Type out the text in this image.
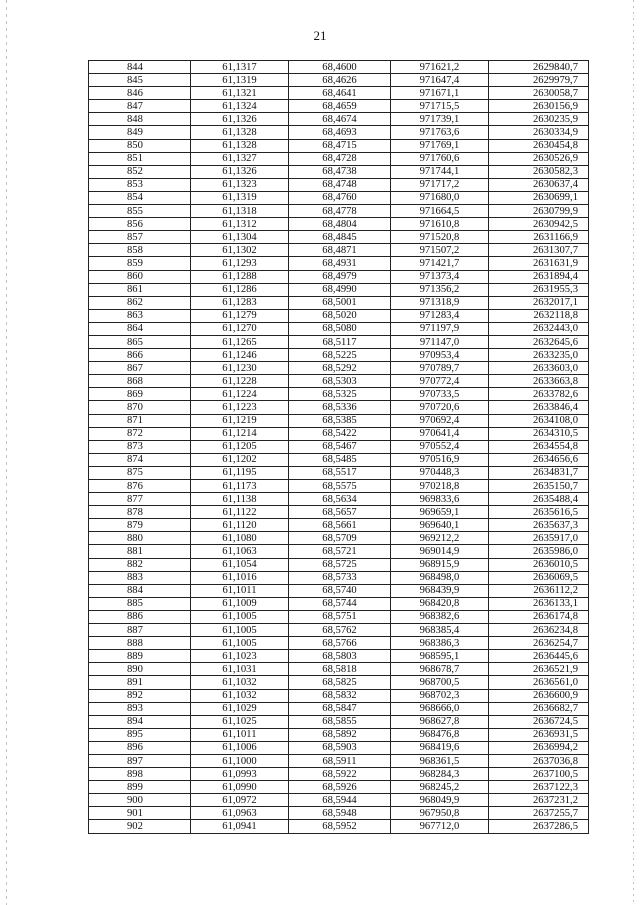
21
844	61,1317	68,4600	971621,2	2629840,7
845	61,1319	68,4626	971647,4	2629979,7
846	61,1321	68,4641	971671,1	2630058,7
847	61,1324	68,4659	971715,5	2630156,9
848	61,1326	68,4674	971739,1	2630235,9
849	61,1328	68,4693	971763,6	2630334,9
850	61,1328	68,4715	971769,1	2630454,8
851	61,1327	68,4728	971760,6	2630526,9
852	61,1326	68,4738	971744,1	2630582,3
853	61,1323	68,4748	971717,2	2630637,4
854	61,1319	68,4760	971680,0	2630699,1
855	61,1318	68,4778	971664,5	2630799,9
856	61,1312	68,4804	971610,8	2630942,5
857	61,1304	68,4845	971520,8	2631166,9
858	61,1302	68,4871	971507,2	2631307,7
859	61,1293	68,4931	971421,7	2631631,9
860	61,1288	68,4979	971373,4	2631894,4
861	61,1286	68,4990	971356,2	2631955,3
862	61,1283	68,5001	971318,9	2632017,1
863	61,1279	68,5020	971283,4	2632118,8
864	61,1270	68,5080	971197,9	2632443,0
865	61,1265	68,5117	971147,0	2632645,6
866	61,1246	68,5225	970953,4	2633235,0
867	61,1230	68,5292	970789,7	2633603,0
868	61,1228	68,5303	970772,4	2633663,8
869	61,1224	68,5325	970733,5	2633782,6
870	61,1223	68,5336	970720,6	2633846,4
871	61,1219	68,5385	970692,4	2634108,0
872	61,1214	68,5422	970641,4	2634310,5
873	61,1205	68,5467	970552,4	2634554,8
874	61,1202	68,5485	970516,9	2634656,6
875	61,1195	68,5517	970448,3	2634831,7
876	61,1173	68,5575	970218,8	2635150,7
877	61,1138	68,5634	969833,6	2635488,4
878	61,1122	68,5657	969659,1	2635616,5
879	61,1120	68,5661	969640,1	2635637,3
880	61,1080	68,5709	969212,2	2635917,0
881	61,1063	68,5721	969014,9	2635986,0
882	61,1054	68,5725	968915,9	2636010,5
883	61,1016	68,5733	968498,0	2636069,5
884	61,1011	68,5740	968439,9	2636112,2
885	61,1009	68,5744	968420,8	2636133,1
886	61,1005	68,5751	968382,6	2636174,8
887	61,1005	68,5762	968385,4	2636234,8
888	61,1005	68,5766	968386,3	2636254,7
889	61,1023	68,5803	968595,1	2636445,6
890	61,1031	68,5818	968678,7	2636521,9
891	61,1032	68,5825	968700,5	2636561,0
892	61,1032	68,5832	968702,3	2636600,9
893	61,1029	68,5847	968666,0	2636682,7
894	61,1025	68,5855	968627,8	2636724,5
895	61,1011	68,5892	968476,8	2636931,5
896	61,1006	68,5903	968419,6	2636994,2
897	61,1000	68,5911	968361,5	2637036,8
898	61,0993	68,5922	968284,3	2637100,5
899	61,0990	68,5926	968245,2	2637122,3
900	61,0972	68,5944	968049,9	2637231,2
901	61,0963	68,5948	967950,8	2637255,7
902	61,0941	68,5952	967712,0	2637286,5
